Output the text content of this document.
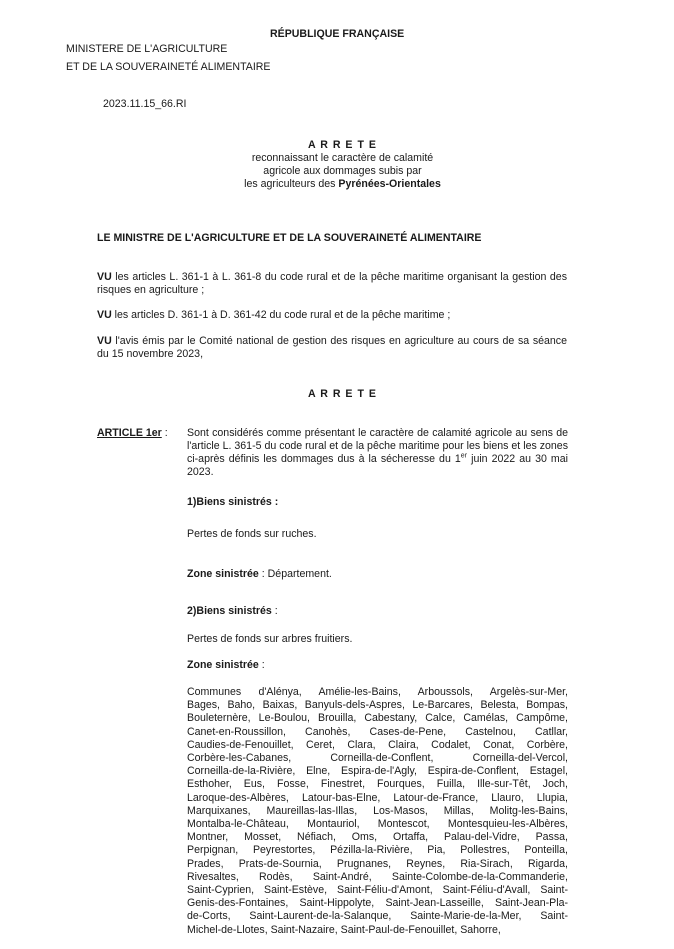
RÉPUBLIQUE FRANÇAISE
MINISTERE DE L'AGRICULTURE
ET DE LA SOUVERAINETÉ ALIMENTAIRE
2023.11.15_66.RI
A R R E T E
reconnaissant le caractère de calamité
agricole aux dommages subis par
les agriculteurs des Pyrénées-Orientales
LE MINISTRE DE L'AGRICULTURE ET DE LA SOUVERAINETÉ ALIMENTAIRE
VU les articles L. 361-1 à L. 361-8 du code rural et de la pêche maritime organisant la gestion des risques en agriculture ;
VU les articles D. 361-1 à D. 361-42 du code rural et de la pêche maritime ;
VU l'avis émis par le Comité national de gestion des risques en agriculture au cours de sa séance du 15 novembre 2023,
A R R E T E
ARTICLE 1er : Sont considérés comme présentant le caractère de calamité agricole au sens de l'article L. 361-5 du code rural et de la pêche maritime pour les biens et les zones ci-après définis les dommages dus à la sécheresse du 1er juin 2022 au 30 mai 2023.
1)Biens sinistrés :
Pertes de fonds sur ruches.
Zone sinistrée : Département.
2)Biens sinistrés :
Pertes de fonds sur arbres fruitiers.
Zone sinistrée :

Communes d'Alénya, Amélie-les-Bains, Arboussols, Argelès-sur-Mer,

Bages, Baho, Baixas, Banyuls-dels-Aspres, Le-Barcares, Belesta, Bompas,

Bouleternère, Le-Boulou, Brouilla, Cabestany, Calce, Camélas, Campôme,

Canet-en-Roussillon, Canohès, Cases-de-Pene, Castelnou, Catllar,

Caudies-de-Fenouillet, Ceret, Clara, Claira, Codalet, Conat, Corbère,

Corbère-les-Cabanes, Corneilla-de-Conflent, Corneilla-del-Vercol,

Corneilla-de-la-Rivière, Elne, Espira-de-l'Agly, Espira-de-Conflent, Estagel,

Esthoher, Eus, Fosse, Finestret, Fourques, Fuilla, Ille-sur-Têt, Joch,

Laroque-des-Albères, Latour-bas-Elne, Latour-de-France, Llauro, Llupia,

Marquixanes, Maureillas-las-Illas, Los-Masos, Millas, Molitg-les-Bains,

Montalba-le-Château, Montauriol, Montescot, Montesquieu-les-Albères,

Montner, Mosset, Néfiach, Oms, Ortaffa, Palau-del-Vidre, Passa,

Perpignan, Peyrestortes, Pézilla-la-Rivière, Pia, Pollestres, Ponteilla,

Prades, Prats-de-Sournia, Prugnanes, Reynes, Ria-Sirach, Rigarda,

Rivesaltes, Rodès, Saint-André, Sainte-Colombe-de-la-Commanderie,

Saint-Cyprien, Saint-Estève, Saint-Féliu-d'Amont, Saint-Féliu-d'Avall, Saint-

Genis-des-Fontaines, Saint-Hippolyte, Saint-Jean-Lasseille, Saint-Jean-Pla-

de-Corts, Saint-Laurent-de-la-Salanque, Sainte-Marie-de-la-Mer, Saint-

Michel-de-Llotes, Saint-Nazaire, Saint-Paul-de-Fenouillet, Sahorre,
